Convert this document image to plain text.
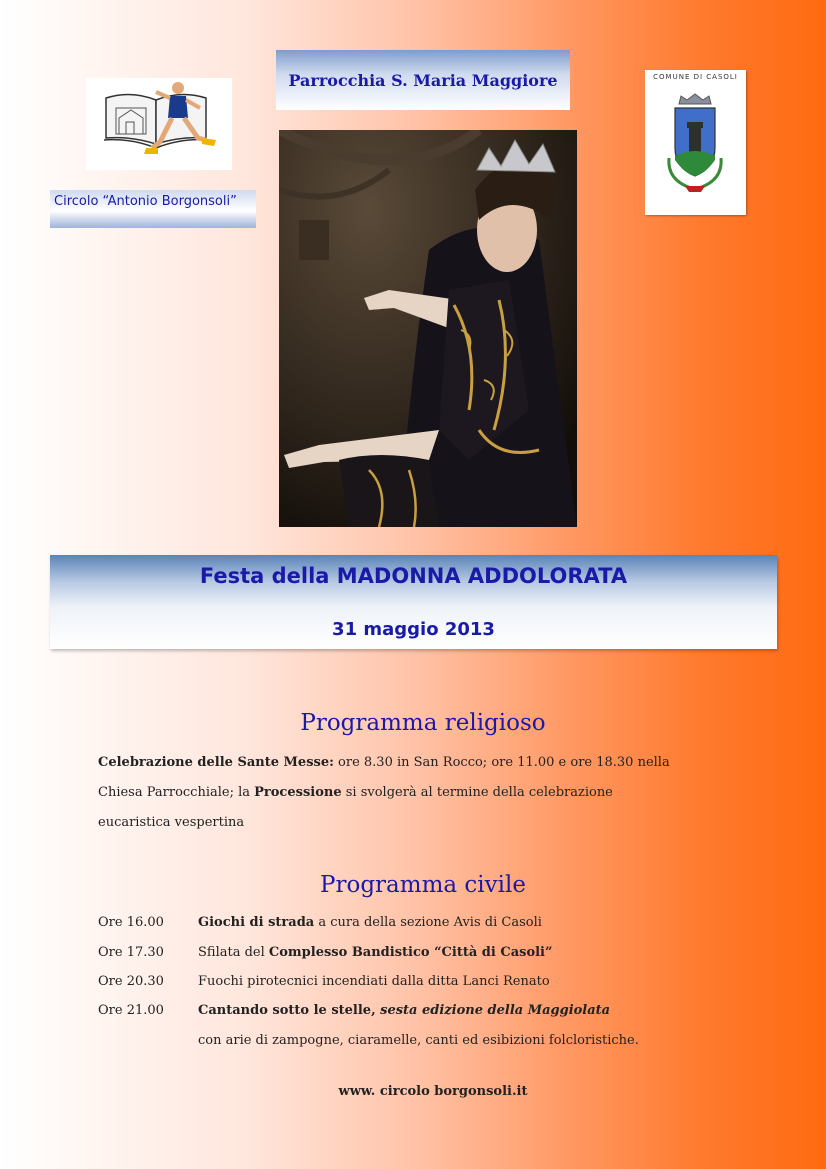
Parrocchia S. Maria Maggiore
Circolo “Antonio Borgonsoli”
COMUNE DI CASOLI
Festa della MADONNA ADDOLORATA
31 maggio 2013
Programma religioso
Celebrazione delle Sante Messe: ore 8.30 in San Rocco; ore 11.00 e ore 18.30 nella
Chiesa Parrocchiale; la Processione si svolgerà al termine della celebrazione
eucaristica vespertina
Programma civile
Ore 16.00	Giochi di strada a cura della sezione Avis di Casoli
Ore 17.30	Sfilata del Complesso Bandistico “Città di Casoli”
Ore 20.30	Fuochi pirotecnici incendiati dalla ditta Lanci Renato
Ore 21.00	Cantando sotto le stelle, sesta edizione della Maggiolata
con arie di zampogne, ciaramelle, canti ed esibizioni folcloristiche.
www. circolo borgonsoli.it
